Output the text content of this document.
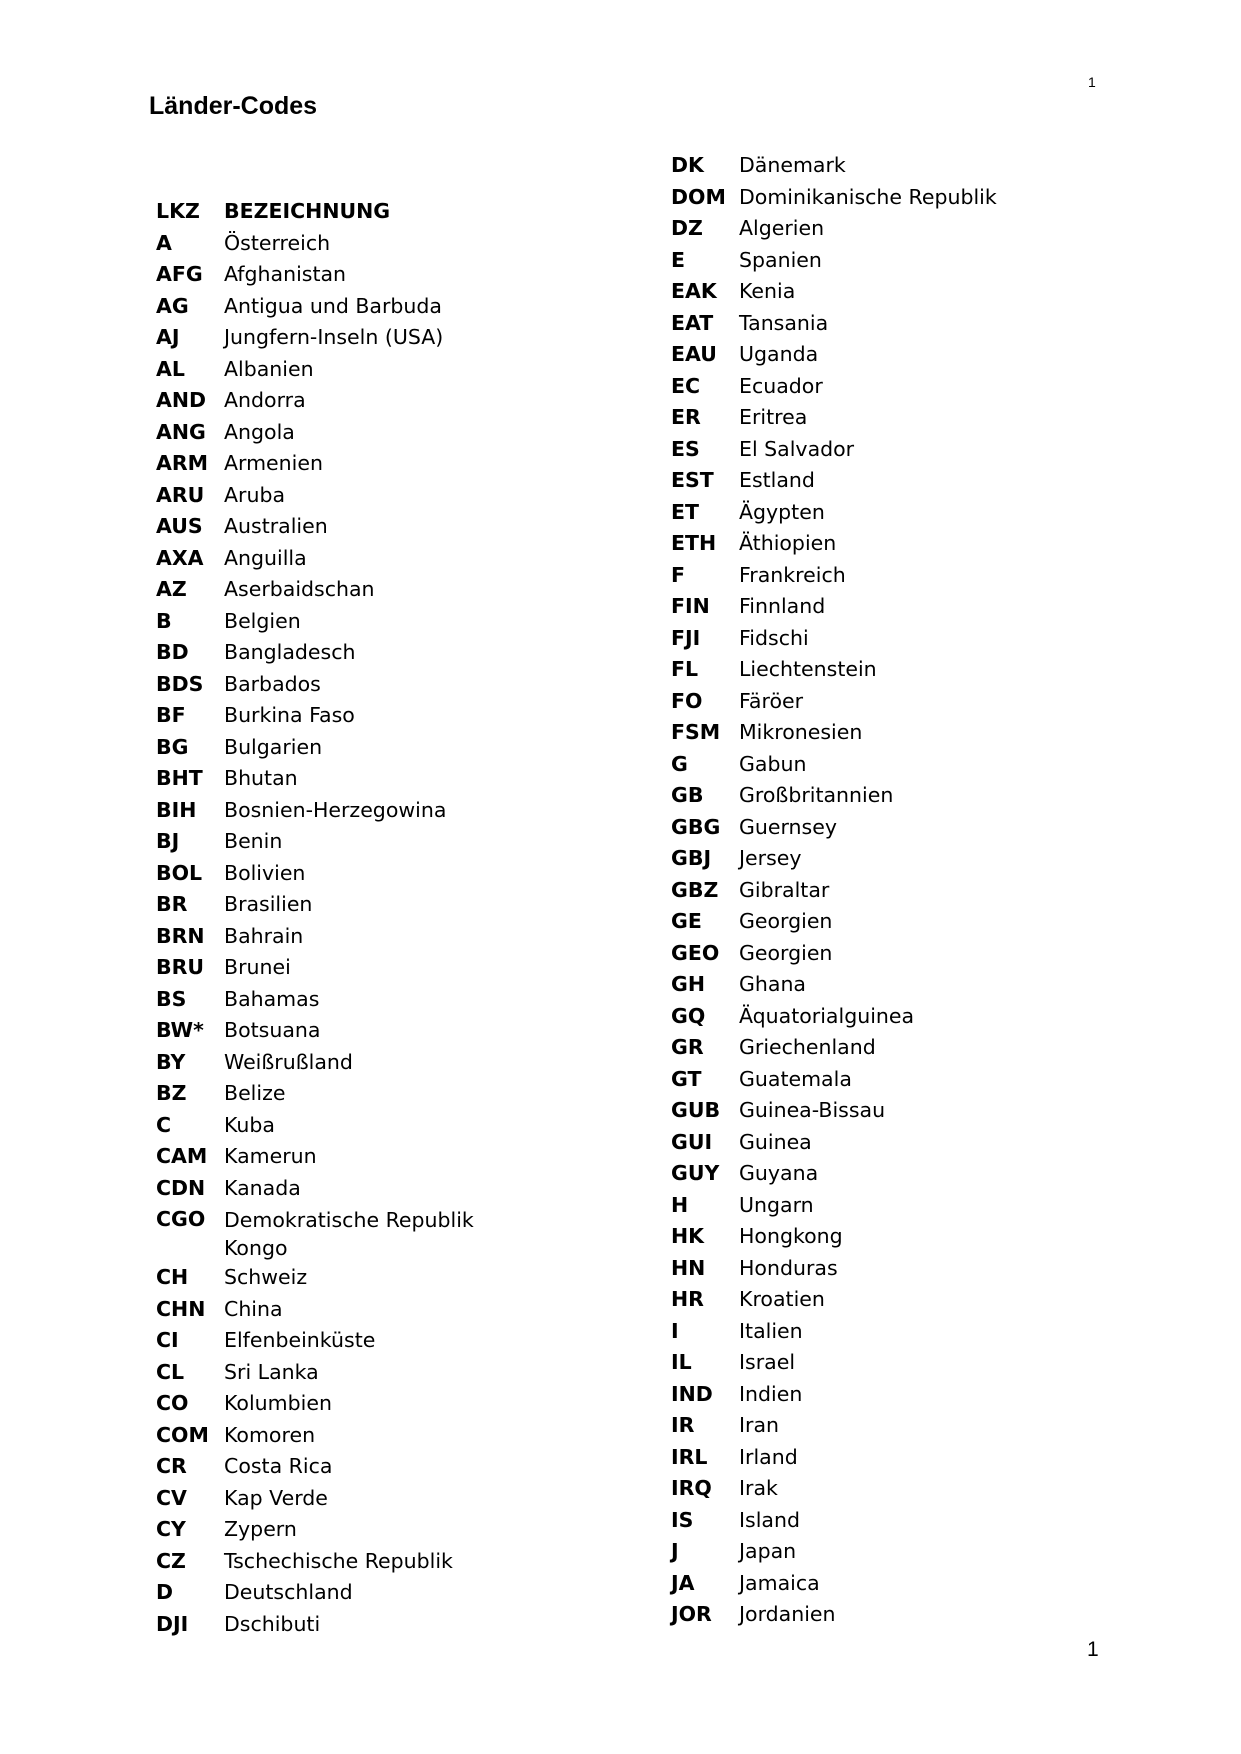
1
Länder-Codes
LKZ	BEZEICHNUNG
A	Österreich
AFG	Afghanistan
AG	Antigua und Barbuda
AJ	Jungfern-Inseln (USA)
AL	Albanien
AND Andorra
ANG Angola
ARM Armenien
ARU Aruba
AUS	Australien
AXA Anguilla
AZ	Aserbaidschan
B	Belgien
BD	Bangladesch
BDS	Barbados
BF	Burkina Faso
BG	Bulgarien
BHT	Bhutan
BIH	Bosnien-Herzegowina
BJ	Benin
BOL	Bolivien
BR	Brasilien
BRN Bahrain
BRU Brunei
BS	Bahamas
BW* Botsuana
BY	Weißrußland
BZ	Belize
C	Kuba
CAM Kamerun
CDN Kanada
CGO Demokratische Republik Kongo
CH	Schweiz
CHN China
CI	Elfenbeinküste
CL	Sri Lanka
CO	Kolumbien
COM Komoren
CR	Costa Rica
CV	Kap Verde
CY	Zypern
CZ	Tschechische Republik
D	Deutschland
DJI	Dschibuti
DK	Dänemark
DOM Dominikanische Republik
DZ	Algerien
E	Spanien
EAK	Kenia
EAT	Tansania
EAU	Uganda
EC	Ecuador
ER	Eritrea
ES	El Salvador
EST	Estland
ET	Ägypten
ETH	Äthiopien
F	Frankreich
FIN	Finnland
FJI	Fidschi
FL	Liechtenstein
FO	Färöer
FSM Mikronesien
G	Gabun
GB	Großbritannien
GBG Guernsey
GBJ	Jersey
GBZ	Gibraltar
GE	Georgien
GEO Georgien
GH	Ghana
GQ	Äquatorialguinea
GR	Griechenland
GT	Guatemala
GUB Guinea-Bissau
GUI	Guinea
GUY Guyana
H	Ungarn
HK	Hongkong
HN	Honduras
HR	Kroatien
I	Italien
IL	Israel
IND	Indien
IR	Iran
IRL	Irland
IRQ	Irak
IS	Island
J	Japan
JA	Jamaica
JOR	Jordanien
1
